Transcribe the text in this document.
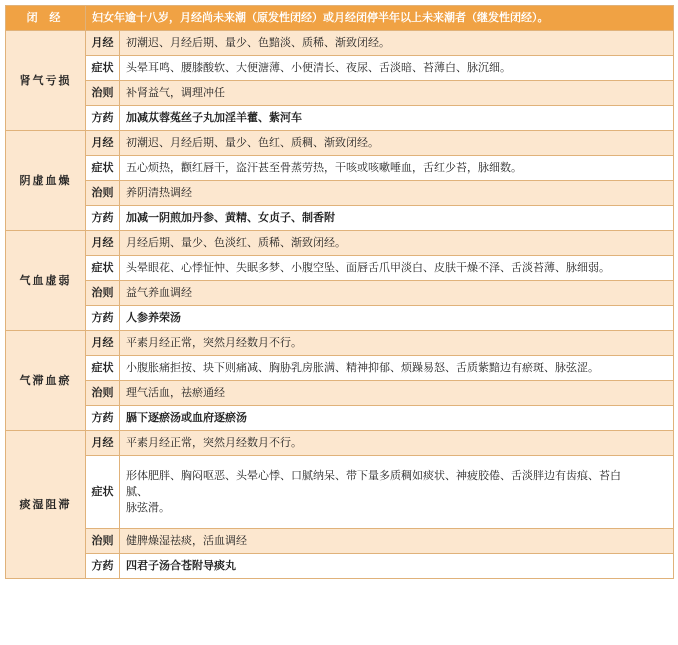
闭 经	妇女年逾十八岁，月经尚未来潮（原发性闭经）或月经闭停半年以上未来潮者（继发性闭经）。	
肾气亏损	月经	初潮迟、月经后期、量少、色黯淡、质稀、渐致闭经。
	症状	头晕耳鸣、腰膝酸软、大便溏薄、小便清长、夜尿、舌淡暗、苔薄白、脉沉细。
	治则	补肾益气，调理冲任
	方药	加减苁蓉菟丝子丸加淫羊藿、紫河车
阴虚血燥	月经	初潮迟、月经后期、量少、色红、质稠、渐致闭经。
	症状	五心烦热，颧红唇干，盗汗甚至骨蒸劳热，干咳或咳嗽唾血，舌红少苔，脉细数。
	治则	养阴清热调经
	方药	加减一阴煎加丹参、黄精、女贞子、制香附
气血虚弱	月经	月经后期、量少、色淡红、质稀、渐致闭经。
	症状	头晕眼花、心悸怔忡、失眠多梦、小腹空坠、面唇舌爪甲淡白、皮肤干燥不泽、舌淡苔薄、脉细弱。
	治则	益气养血调经
	方药	人参养荣汤
气滞血瘀	月经	平素月经正常，突然月经数月不行。
	症状	小腹胀痛拒按、块下则痛减、胸胁乳房胀满、精神抑郁、烦躁易怒、舌质紫黯边有瘀斑、脉弦涩。
	治则	理气活血，祛瘀通经
	方药	膈下逐瘀汤或血府逐瘀汤
痰湿阻滞	月经	平素月经正常，突然月经数月不行。
	症状	形体肥胖、胸闷呕恶、头晕心悸、口腻纳呆、带下量多质稠如痰状、神疲胶倦、舌淡胖边有齿痕、苔白
腻、
脉弦滑。

	治则	健脾燥湿祛痰，活血调经
	方药	四君子汤合苍附导痰丸
